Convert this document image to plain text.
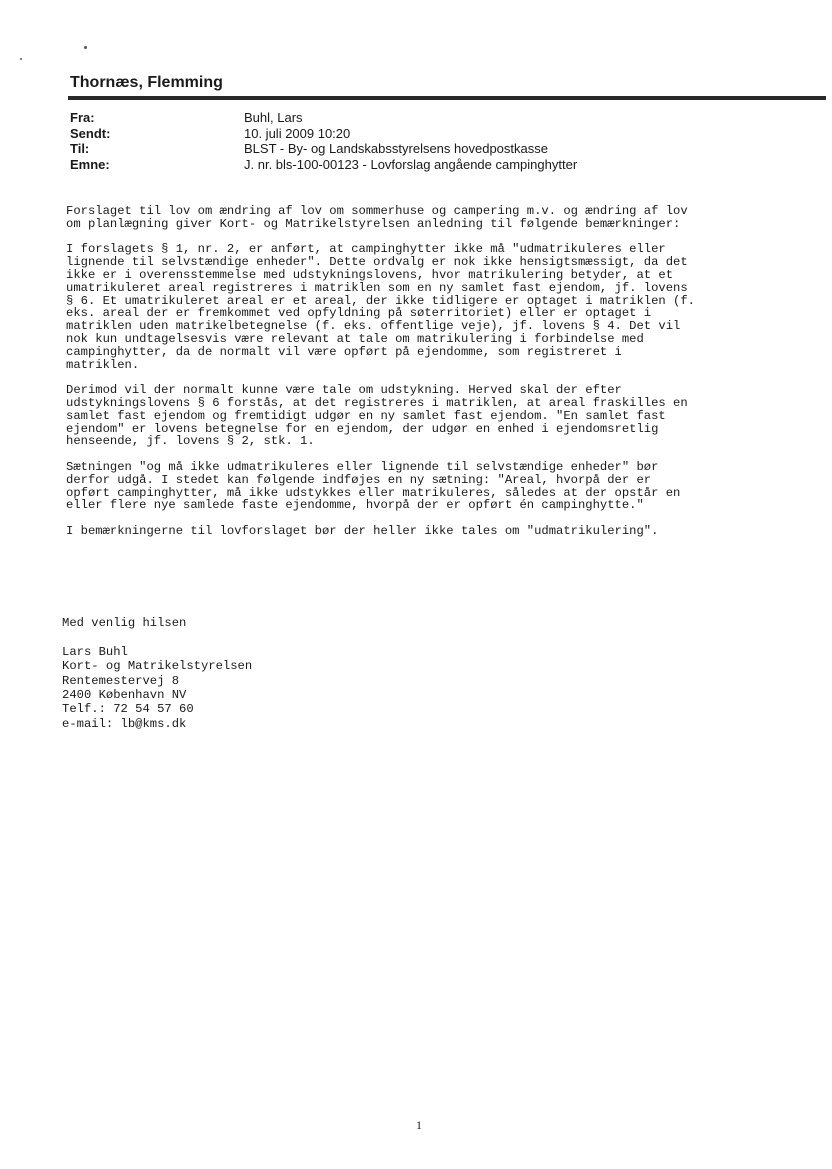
Thornæs, Flemming
Fra:	Buhl, Lars
Sendt:	10. juli 2009 10:20
Til:	BLST - By- og Landskabsstyrelsens hovedpostkasse
Emne:	J. nr. bls-100-00123 - Lovforslag angående campinghytter

Forslaget til lov om ændring af lov om sommerhuse og campering m.v. og ændring af lov
om planlægning giver Kort- og Matrikelstyrelsen anledning til følgende bemærkninger:

I forslagets § 1, nr. 2, er anført, at campinghytter ikke må "udmatrikuleres eller
lignende til selvstændige enheder". Dette ordvalg er nok ikke hensigtsmæssigt, da det
ikke er i overensstemmelse med udstykningslovens, hvor matrikulering betyder, at et
umatrikuleret areal registreres i matriklen som en ny samlet fast ejendom, jf. lovens
§ 6. Et umatrikuleret areal er et areal, der ikke tidligere er optaget i matriklen (f.
eks. areal der er fremkommet ved opfyldning på søterritoriet) eller er optaget i
matriklen uden matrikelbetegnelse (f. eks. offentlige veje), jf. lovens § 4. Det vil
nok kun undtagelsesvis være relevant at tale om matrikulering i forbindelse med
campinghytter, da de normalt vil være opført på ejendomme, som registreret i
matriklen.

Derimod vil der normalt kunne være tale om udstykning. Herved skal der efter
udstykningslovens § 6 forstås, at det registreres i matriklen, at areal fraskilles en
samlet fast ejendom og fremtidigt udgør en ny samlet fast ejendom. "En samlet fast
ejendom" er lovens betegnelse for en ejendom, der udgør en enhed i ejendomsretlig
henseende, jf. lovens § 2, stk. 1.

Sætningen "og må ikke udmatrikuleres eller lignende til selvstændige enheder" bør
derfor udgå. I stedet kan følgende indføjes en ny sætning: "Areal, hvorpå der er
opført campinghytter, må ikke udstykkes eller matrikuleres, således at der opstår en
eller flere nye samlede faste ejendomme, hvorpå der er opført én campinghytte."

I bemærkningerne til lovforslaget bør der heller ikke tales om "udmatrikulering".

Med venlig hilsen

Lars Buhl
Kort- og Matrikelstyrelsen
Rentemestervej 8
2400 København NV
Telf.: 72 54 57 60
e-mail: lb@kms.dk
1
